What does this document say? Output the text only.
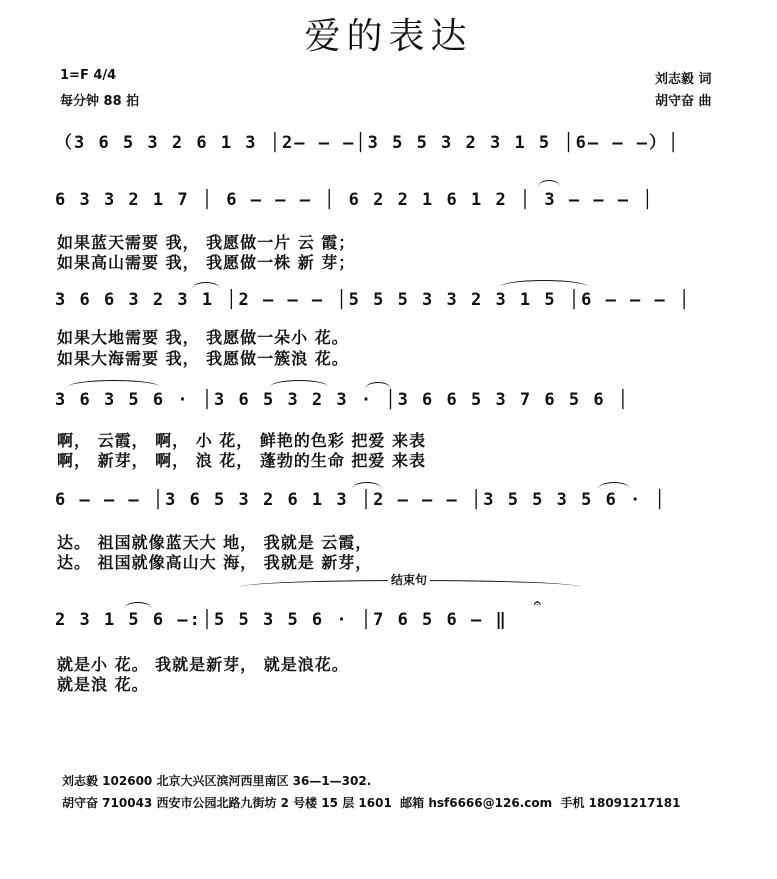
爱的表达
1=F 4/4
每分钟 88 拍
刘志毅 词
胡守奋 曲
（3 6 5 3 2 6 1 3 │2— — —│3 5 5 3 2 3 1 5 │6— — —）│
6 3 3 2 1 7 │ 6 — — — │ 6 2 2 1 6 1 2 │ 3 — — — │
如果蓝天需要 我， 我愿做一片 云 霞；
如果高山需要 我， 我愿做一株 新 芽；
3 6 6 3 2 3 1 │2 — — — │5 5 5 3 3 2 3 1 5 │6 — — — │
如果大地需要 我， 我愿做一朵小 花。
如果大海需要 我， 我愿做一簇浪 花。
3 6 3 5 6 · │3 6 5 3 2 3 · │3 6 6 5 3 7 6 5 6 │
啊， 云霞， 啊， 小 花， 鲜艳的色彩 把爱 来表
啊， 新芽， 啊， 浪 花， 蓬勃的生命 把爱 来表
6 — — — │3 6 5 3 2 6 1 3 │2 — — — │3 5 5 3 5 6 · │
达。 祖国就像蓝天大 地， 我就是 云霞，
达。 祖国就像高山大 海， 我就是 新芽，
结束句
2 3 1 5 6 —:│5 5 3 5 6 · │7 6 5 6 — ‖
𝄐
就是小 花。 我就是新芽， 就是浪花。
就是浪 花。
刘志毅 102600 北京大兴区滨河西里南区 36—1—302.
胡守奋 710043 西安市公园北路九街坊 2 号楼 15 层 1601  邮箱 hsf6666@126.com  手机 18091217181
